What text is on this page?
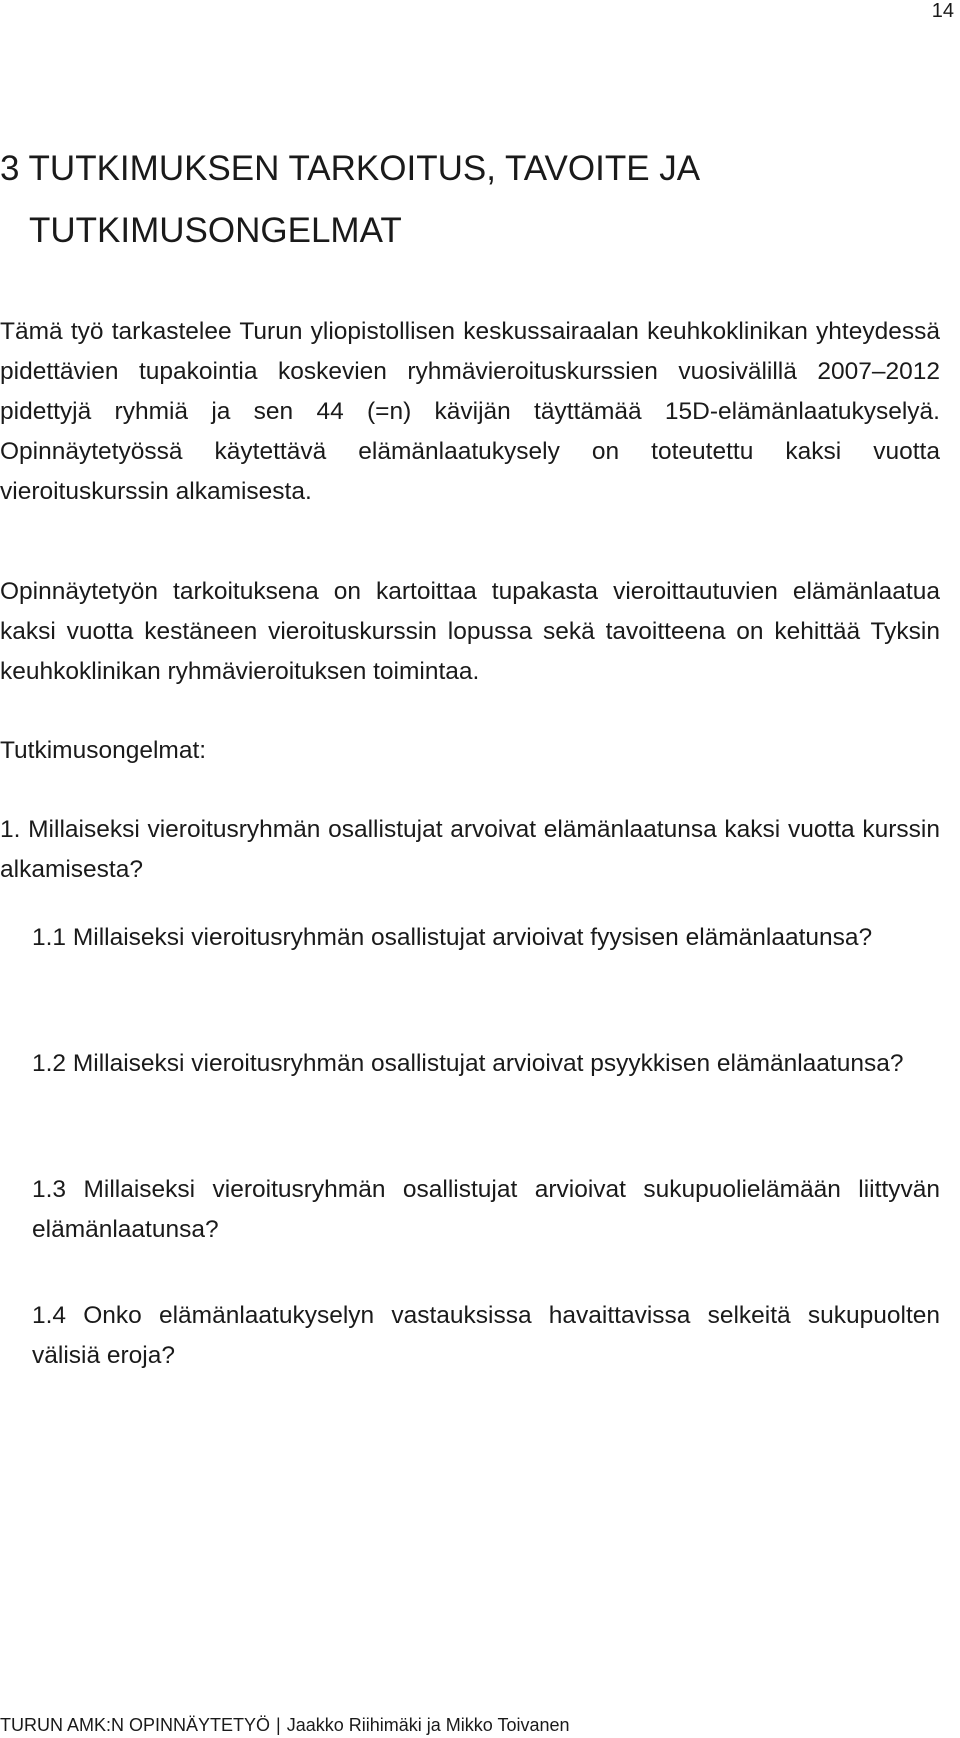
14
3 TUTKIMUKSEN TARKOITUS, TAVOITE JA
TUTKIMUSONGELMAT

Tämä työ tarkastelee Turun yliopistollisen keskussairaalan keuhkoklinikan yhteydessä pidettävien tupakointia koskevien ryhmävieroituskurssien vuosivälillä 2007–2012 pidettyjä ryhmiä ja sen 44 (=n) kävijän täyttämää 15D-elämänlaatukyselyä. Opinnäytetyössä käytettävä elämänlaatukysely on toteutettu kaksi vuotta vieroituskurssin alkamisesta.

Opinnäytetyön tarkoituksena on kartoittaa tupakasta vieroittautuvien elämänlaatua kaksi vuotta kestäneen vieroituskurssin lopussa sekä tavoitteena on kehittää Tyksin keuhkoklinikan ryhmävieroituksen toimintaa.

Tutkimusongelmat:

1. Millaiseksi vieroitusryhmän osallistujat arvoivat elämänlaatunsa kaksi vuotta kurssin alkamisesta?

1.1 Millaiseksi vieroitusryhmän osallistujat arvioivat fyysisen elämänlaatunsa?

1.2 Millaiseksi vieroitusryhmän osallistujat arvioivat psyykkisen elämänlaatunsa?

1.3 Millaiseksi vieroitusryhmän osallistujat arvioivat sukupuolielämään liittyvän elämänlaatunsa?

1.4 Onko elämänlaatukyselyn vastauksissa havaittavissa selkeitä sukupuolten välisiä eroja?

TURUN AMK:N OPINNÄYTETYÖ | Jaakko Riihimäki ja Mikko Toivanen
